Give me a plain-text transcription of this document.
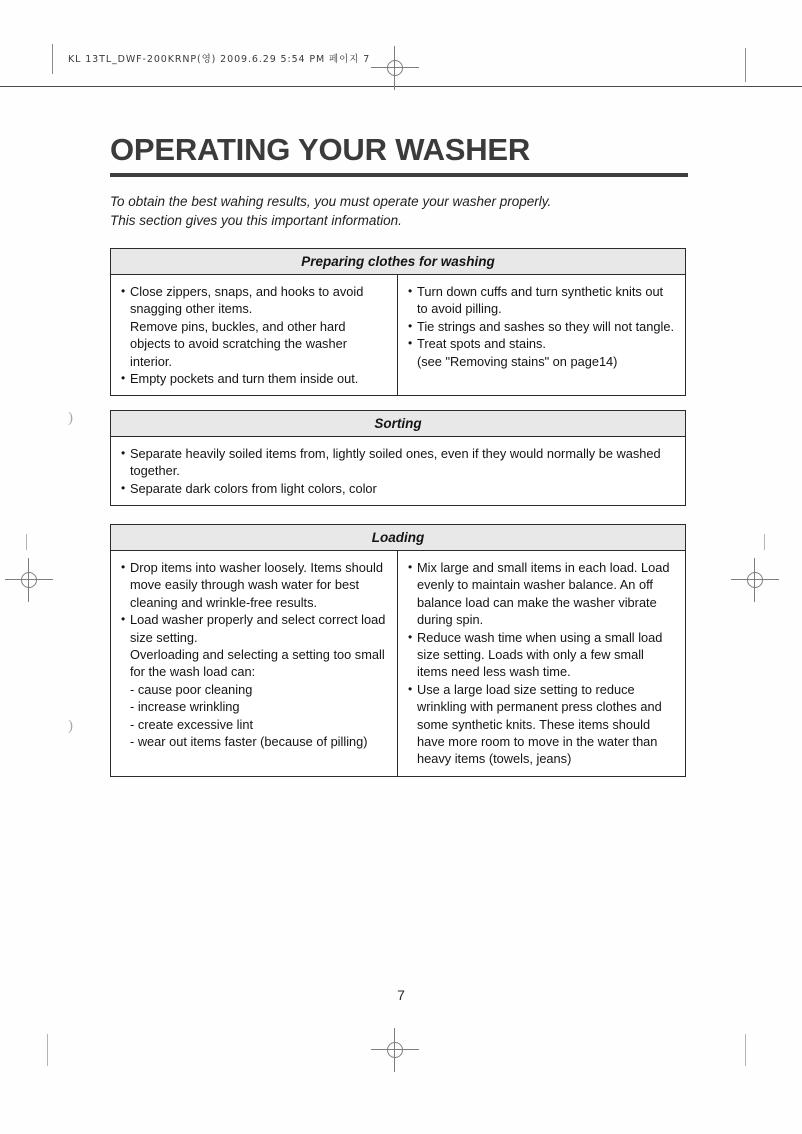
KL 13TL_DWF-200KRNP(영) 2009.6.29 5:54 PM 페이지 7
)
)
OPERATING YOUR WASHER
To obtain the best wahing results, you must operate your washer properly.
This section gives you this important information.
Preparing clothes for washing
• Close zippers, snaps, and hooks to avoid snagging other items.
Remove pins, buckles, and other hard objects to avoid scratching the washer interior.
• Empty pockets and turn them inside out.
• Turn down cuffs and turn synthetic knits out to avoid pilling.
• Tie strings and sashes so they will not tangle.
• Treat spots and stains.
(see "Removing stains" on page14)
Sorting
• Separate heavily soiled items from, lightly soiled ones, even if they would normally be washed together.
• Separate dark colors from light colors, color
Loading
• Drop items into washer loosely. Items should move easily through wash water for best cleaning and wrinkle-free results.
• Load washer properly and select correct load size setting.
Overloading and selecting a setting too small for the wash load can:
- cause poor cleaning
- increase wrinkling
- create excessive lint
- wear out items faster (because of pilling)
• Mix large and small items in each load. Load evenly to maintain washer balance. An off balance load can make the washer vibrate during spin.
• Reduce wash time when using a small load size setting. Loads with only a few small items need less wash time.
• Use a large load size setting to reduce wrinkling with permanent press clothes and some synthetic knits. These items should have more room to move in the water than heavy items (towels, jeans)
7
